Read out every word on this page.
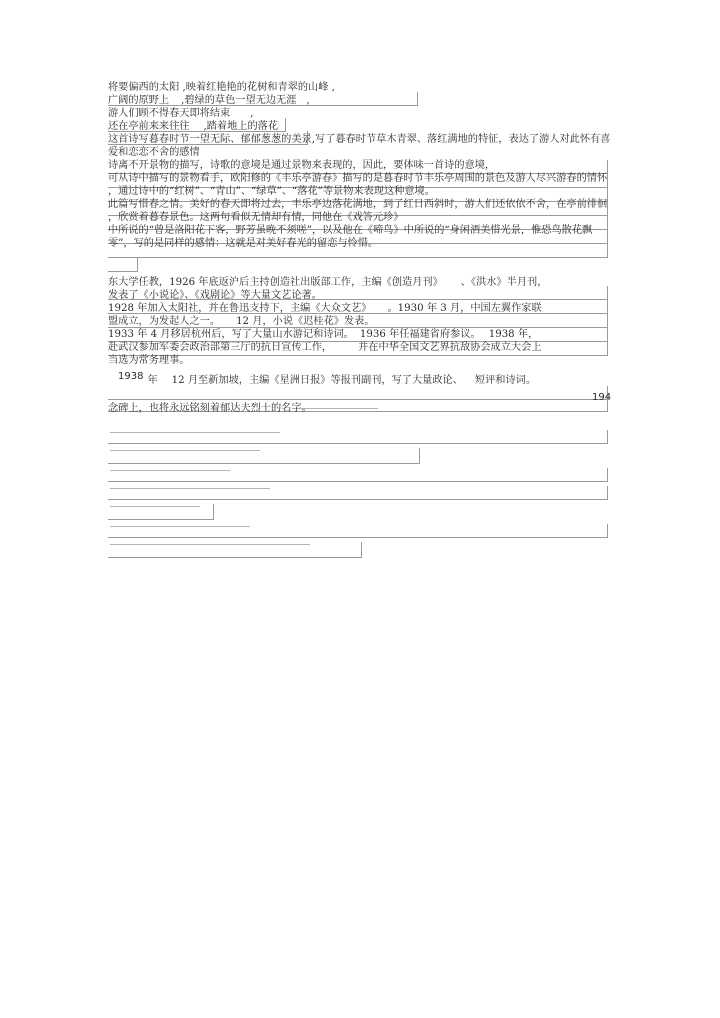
将要偏西的太阳 ,映着红艳艳的花树和青翠的山峰 ,
广阔的原野上 ,碧绿的草色一望无边无涯 ,
游人们顾不得春天即将结束 ,
还在亭前来来往往 ,踏着地上的落花
这首诗写暮春时节一望无际、郁郁葱葱的美景,写了暮春时节草木青翠、落红满地的特征，表达了游人对此怀有喜
爱和恋恋不舍的感情
诗离不开景物的描写，诗歌的意境是通过景物来表现的，因此，要体味一首诗的意境，
可从诗中描写的景物看手，欧阳修的《丰乐亭游春》描写的是暮春时节丰乐亭周围的景色及游人尽兴游春的情怀
，通过诗中的“红树”、“青山”、“绿草”、“落花”等景物来表现这种意境。
此篇写惜春之情。美好的春天即将过去，丰乐亭边落花满地，到了红日西斜时，游人们还依依不舍，在亭前徘徊
，欣赏着暮春景色。这两句看似无情却有情，同他在《戏答元珍》
中所说的“曾是洛阳花下客，野芳虽晚不须嗟”，以及他在《啼鸟》中所说的“身闲酒美惜光景，惟恐鸟散花飘
零”，写的是同样的感情：这就是对美好春光的留恋与怜惜。
东大学任教，1926 年底返沪后主持创造社出版部工作，主编《创造月刊》 、《洪水》半月刊，
发表了《小说论》、《戏剧论》等大量文艺论著。
1928 年加入太阳社，并在鲁迅支持下，主编《大众文艺》 。1930 年 3 月，中国左翼作家联
盟成立，为发起人之一。 12 月，小说《迟桂花》发表。
1933 年 4 月移居杭州后，写了大量山水游记和诗词。 1936 年任福建省府参议。 1938 年，
赴武汉参加军委会政治部第三厅的抗日宣传工作，	并在中华全国文艺界抗敌协会成立大会上
当选为常务理事。
1938 年 12 月至新加坡，主编《星洲日报》等报刊副刊，写了大量政论、 短评和诗词。
194
念碑上，也将永远铭刻着郁达夫烈士的名字。
